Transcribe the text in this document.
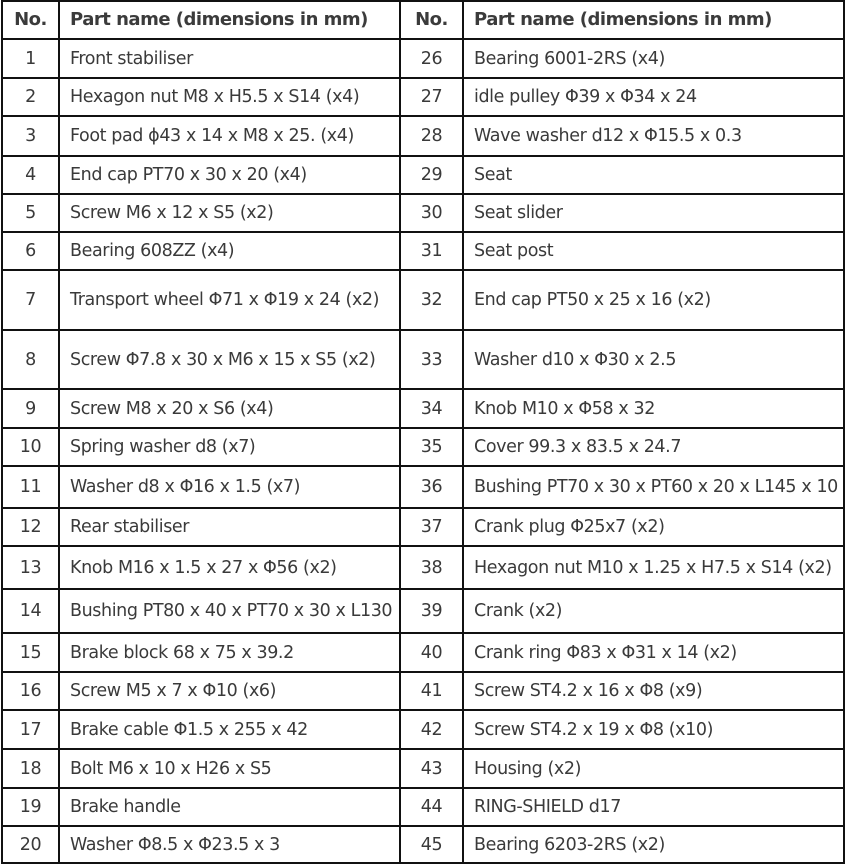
No.	Part name (dimensions in mm)	No.	Part name (dimensions in mm)
1	Front stabiliser	26	Bearing 6001-2RS (x4)
2	Hexagon nut M8 x H5.5 x S14 (x4)	27	idle pulley Φ39 x Φ34 x 24
3	Foot pad ɸ43 x 14 x M8 x 25. (x4)	28	Wave washer d12 x Φ15.5 x 0.3
4	End cap PT70 x 30 x 20 (x4)	29	Seat
5	Screw M6 x 12 x S5 (x2)	30	Seat slider
6	Bearing 608ZZ (x4)	31	Seat post
7	Transport wheel Φ71 x Φ19 x 24 (x2)	32	End cap PT50 x 25 x 16 (x2)
8	Screw Φ7.8 x 30 x M6 x 15 x S5 (x2)	33	Washer d10 x Φ30 x 2.5
9	Screw M8 x 20 x S6 (x4)	34	Knob M10 x Φ58 x 32
10	Spring washer d8 (x7)	35	Cover 99.3 x 83.5 x 24.7
11	Washer d8 x Φ16 x 1.5 (x7)	36	Bushing PT70 x 30 x PT60 x 20 x L145 x 10
12	Rear stabiliser	37	Crank plug Φ25x7 (x2)
13	Knob M16 x 1.5 x 27 x Φ56 (x2)	38	Hexagon nut M10 x 1.25 x H7.5 x S14 (x2)
14	Bushing PT80 x 40 x PT70 x 30 x L130	39	Crank (x2)
15	Brake block 68 x 75 x 39.2	40	Crank ring Φ83 x Φ31 x 14 (x2)
16	Screw M5 x 7 x Φ10 (x6)	41	Screw ST4.2 x 16 x Φ8 (x9)
17	Brake cable Φ1.5 x 255 x 42	42	Screw ST4.2 x 19 x Φ8 (x10)
18	Bolt M6 x 10 x H26 x S5	43	Housing (x2)
19	Brake handle	44	RING-SHIELD d17
20	Washer Φ8.5 x Φ23.5 x 3	45	Bearing 6203-2RS (x2)
